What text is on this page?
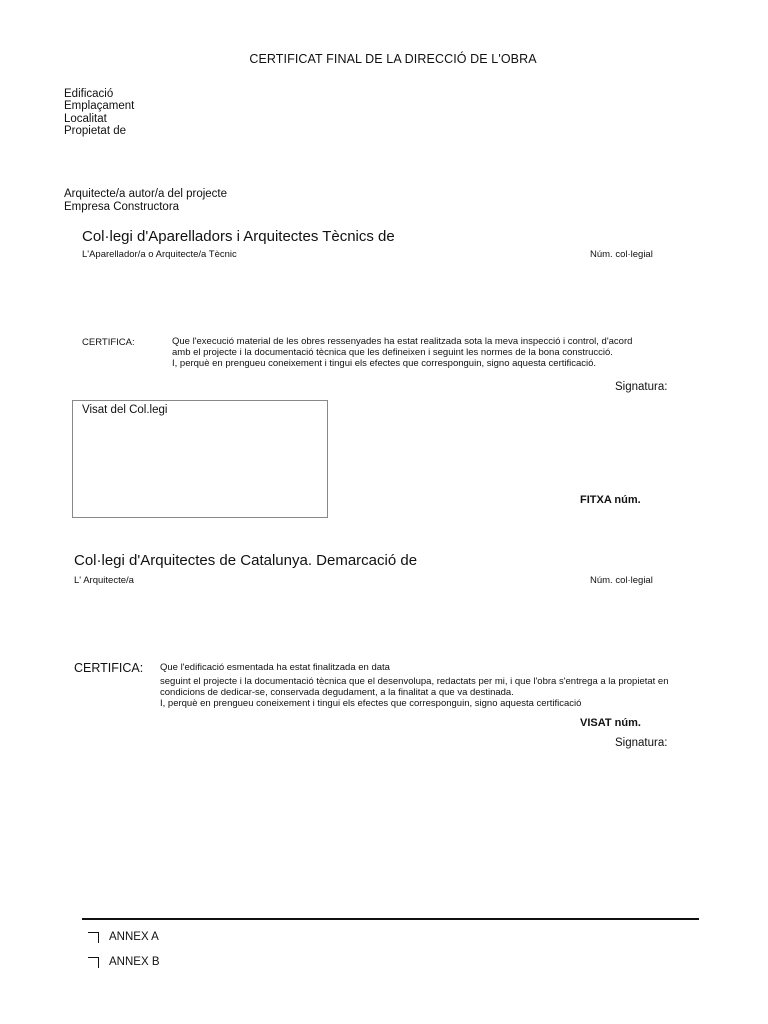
CERTIFICAT FINAL DE LA DIRECCIÓ DE L'OBRA
Edificació
Emplaçament
Localitat
Propietat de
Arquitecte/a autor/a del projecte
Empresa Constructora
Col·legi d'Aparelladors i Arquitectes Tècnics de
L'Aparellador/a o Arquitecte/a Tècnic	Núm. col·legial
CERTIFICA:	Que l'execució material de les obres ressenyades ha estat realitzada sota la meva inspecció i control, d'acord
amb el projecte i la documentació tècnica que les defineixen i seguint les normes de la bona construcció.
I, perquè en prengueu coneixement i tingui els efectes que corresponguin, signo aquesta certificació.
Signatura:
Visat del Col.legi
FITXA núm.
Col·legi d'Arquitectes de Catalunya. Demarcació de
L' Arquitecte/a	Núm. col·legial
CERTIFICA: Que l'edificació esmentada ha estat finalitzada en data
seguint el projecte i la documentació tècnica que el desenvolupa, redactats per mi, i que l'obra s'entrega a la propietat en
condicions de dedicar-se, conservada degudament, a la finalitat a que va destinada.
I, perquè en prengueu coneixement i tingui els efectes que corresponguin, signo aquesta certificació
VISAT núm.
Signatura:
ANNEX A
ANNEX B
